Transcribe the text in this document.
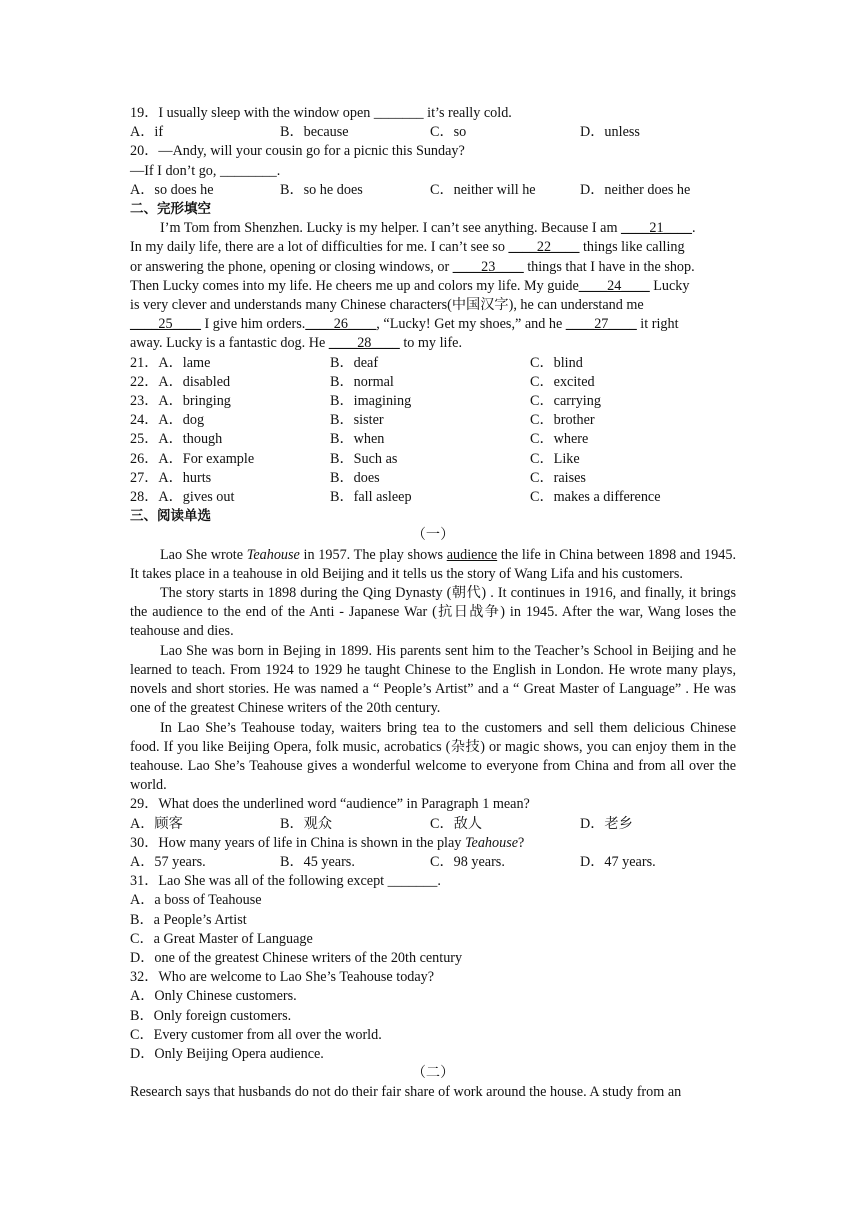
19．I usually sleep with the window open _______ it’s really cold.
A．if	B．because	C．so	D．unless
20．—Andy, will your cousin go for a picnic this Sunday?
—If I don’t go, ________.
A．so does he	B．so he does	C．neither will he	D．neither does he
二、完形填空
I’m Tom from Shenzhen. Lucky is my helper. I can’t see anything. Because I am ____21____.
In my daily life, there are a lot of difficulties for me. I can’t see so ____22____ things like calling
or answering the phone, opening or closing windows, or ____23____ things that I have in the shop.
Then Lucky comes into my life. He cheers me up and colors my life. My guide____24____ Lucky
is very clever and understands many Chinese characters(中国汉字), he can understand me
____25____ I give him orders.____26____, “Lucky! Get my shoes,” and he ____27____ it right
away. Lucky is a fantastic dog. He ____28____ to my life.
21．A．lame	B．deaf	C．blind
22．A．disabled	B．normal	C．excited
23．A．bringing	B．imagining	C．carrying
24．A．dog	B．sister	C．brother
25．A．though	B．when	C．where
26．A．For example	B．Such as	C．Like
27．A．hurts	B．does	C．raises
28．A．gives out	B．fall asleep	C．makes a difference
三、阅读单选
（一）
Lao She wrote Teahouse in 1957. The play shows audience the life in China between 1898 and 1945. It takes place in a teahouse in old Beijing and it tells us the story of Wang Lifa and his customers.
The story starts in 1898 during the Qing Dynasty (朝代) . It continues in 1916, and finally, it brings the audience to the end of the Anti - Japanese War (抗日战争) in 1945. After the war, Wang loses the teahouse and dies.
Lao She was born in Bejing in 1899. His parents sent him to the Teacher’s School in Beijing and he learned to teach. From 1924 to 1929 he taught Chinese to the English in London. He wrote many plays, novels and short stories. He was named a “ People’s Artist” and a “ Great Master of Language” . He was one of the greatest Chinese writers of the 20th century.
In Lao She’s Teahouse today, waiters bring tea to the customers and sell them delicious Chinese food. If you like Beijing Opera, folk music, acrobatics (杂技) or magic shows, you can enjoy them in the teahouse. Lao She’s Teahouse gives a wonderful welcome to everyone from China and from all over the world.
29．What does the underlined word “audience” in Paragraph 1 mean?
A．顾客	B．观众	C．敌人	D．老乡
30．How many years of life in China is shown in the play Teahouse?
A．57 years.	B．45 years.	C．98 years.	D．47 years.
31．Lao She was all of the following except _______.
A．a boss of Teahouse
B．a People’s Artist
C．a Great Master of Language
D．one of the greatest Chinese writers of the 20th century
32．Who are welcome to Lao She’s Teahouse today?
A．Only Chinese customers.
B．Only foreign customers.
C．Every customer from all over the world.
D．Only Beijing Opera audience.
（二）
Research says that husbands do not do their fair share of work around the house. A study from an
